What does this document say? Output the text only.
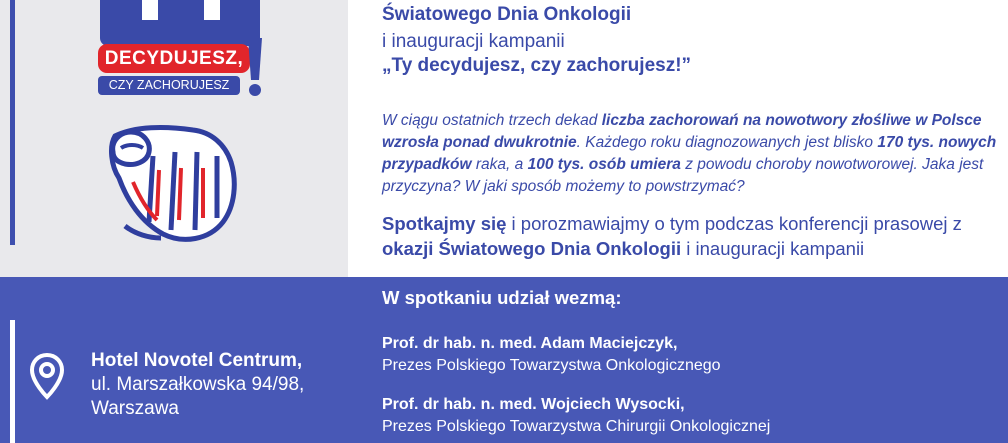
DECYDUJESZ,
CZY ZACHORUJESZ
Światowego Dnia Onkologii
i inauguracji kampanii
„Ty decydujesz, czy zachorujesz!”
W ciągu ostatnich trzech dekad liczba zachorowań na nowotwory złośliwe w Polsce wzrosła ponad dwukrotnie. Każdego roku diagnozowanych jest blisko 170 tys. nowych przypadków raka, a 100 tys. osób umiera z powodu choroby nowotworowej. Jaka jest przyczyna? W jaki sposób możemy to powstrzymać?
Spotkajmy się i porozmawiajmy o tym podczas konferencji prasowej z okazji Światowego Dnia Onkologii i inauguracji kampanii
W spotkaniu udział wezmą:
Prof. dr hab. n. med. Adam Maciejczyk,
Prezes Polskiego Towarzystwa Onkologicznego
Prof. dr hab. n. med. Wojciech Wysocki,
Prezes Polskiego Towarzystwa Chirurgii Onkologicznej
Hotel Novotel Centrum,
ul. Marszałkowska 94/98,
Warszawa
